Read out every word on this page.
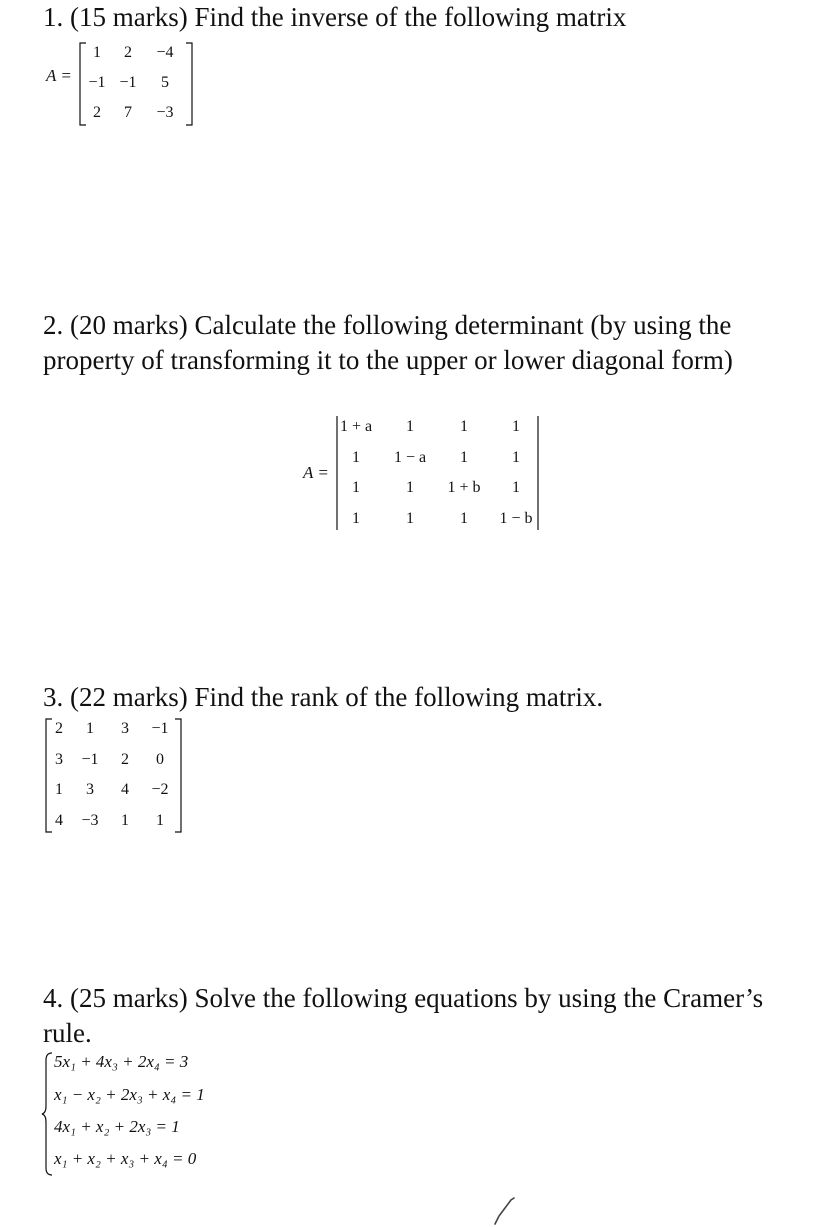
1. (15 marks) Find the inverse of the following matrix

A =
1	2	−4
−1 −1	5
2	7	−3

2. (20 marks) Calculate the following determinant (by using the property of transforming it to the upper or lower diagonal form)

A =
1 + a	1	1	1
1	1 − a	1	1
1	1	1 + b	1
1	1	1	1 − b

3. (22 marks) Find the rank of the following matrix.

2	1	3	−1
3	−1	2	0
1	3	4	−2
4	−3	1	1

4. (25 marks) Solve the following equations by using the Cramer’s rule.

5x₁ + 4x₃ + 2x₄ = 3
x₁ − x₂ + 2x₃ + x₄ = 1
4x₁ + x₂ + 2x₃ = 1
x₁ + x₂ + x₃ + x₄ = 0
